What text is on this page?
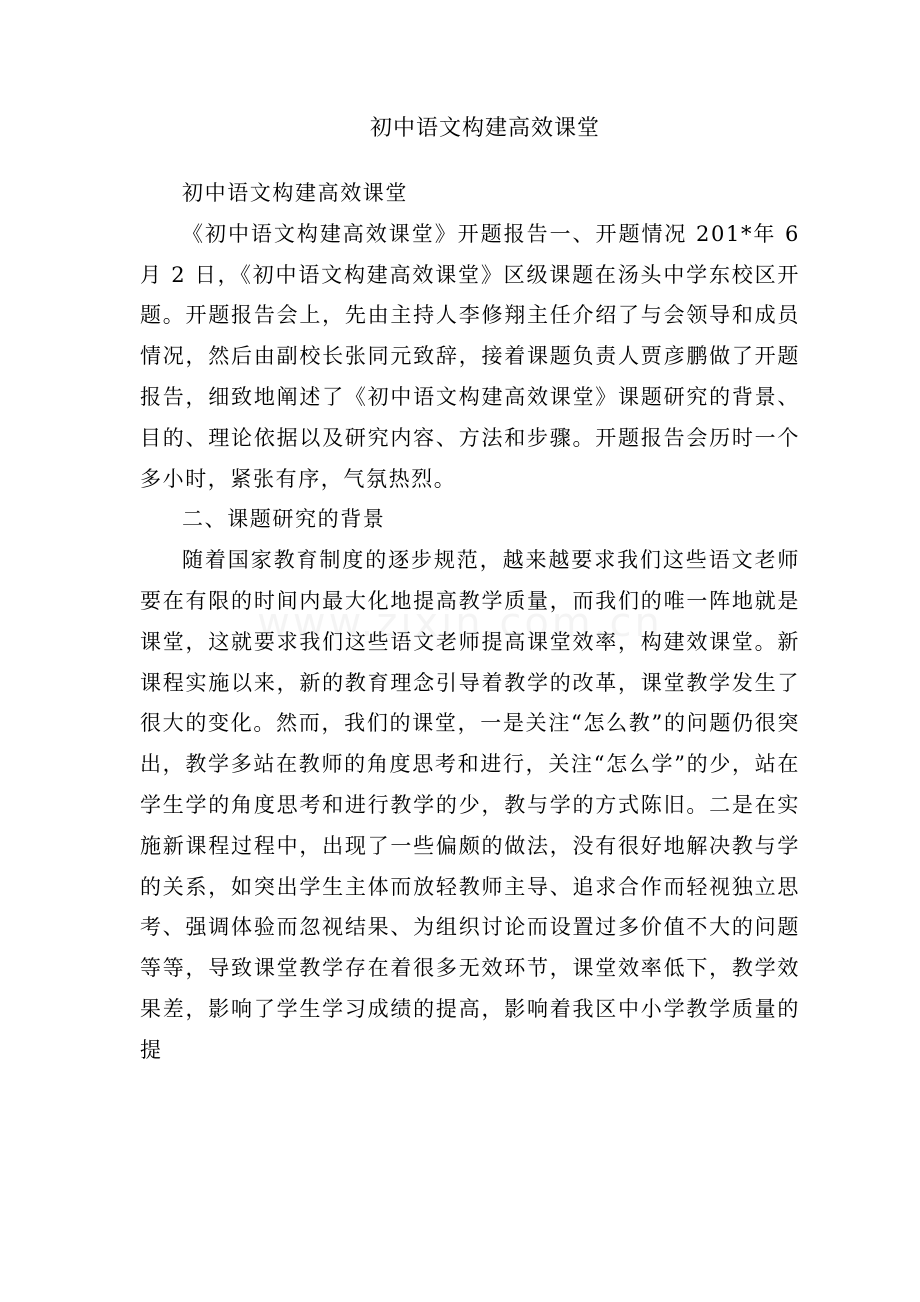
初中语文构建高效课堂

初中语文构建高效课堂

《初中语文构建高效课堂》开题报告一、开题情况 201*年 6 月 2 日，《初中语文构建高效课堂》区级课题在汤头中学东校区开题。开题报告会上，先由主持人李修翔主任介绍了与会领导和成员情况，然后由副校长张同元致辞，接着课题负责人贾彦鹏做了开题报告，细致地阐述了《初中语文构建高效课堂》课题研究的背景、目的、理论依据以及研究内容、方法和步骤。开题报告会历时一个多小时，紧张有序，气氛热烈。

二、课题研究的背景

随着国家教育制度的逐步规范，越来越要求我们这些语文老师要在有限的时间内最大化地提高教学质量，而我们的唯一阵地就是课堂，这就要求我们这些语文老师提高课堂效率，构建效课堂。新课程实施以来，新的教育理念引导着教学的改革，课堂教学发生了很大的变化。然而，我们的课堂，一是关注“怎么教”的问题仍很突出，教学多站在教师的角度思考和进行，关注“怎么学”的少，站在学生学的角度思考和进行教学的少，教与学的方式陈旧。二是在实施新课程过程中，出现了一些偏颇的做法，没有很好地解决教与学的关系，如突出学生主体而放轻教师主导、追求合作而轻视独立思考、强调体验而忽视结果、为组织讨论而设置过多价值不大的问题等等，导致课堂教学存在着很多无效环节，课堂效率低下，教学效果差，影响了学生学习成绩的提高，影响着我区中小学教学质量的提
